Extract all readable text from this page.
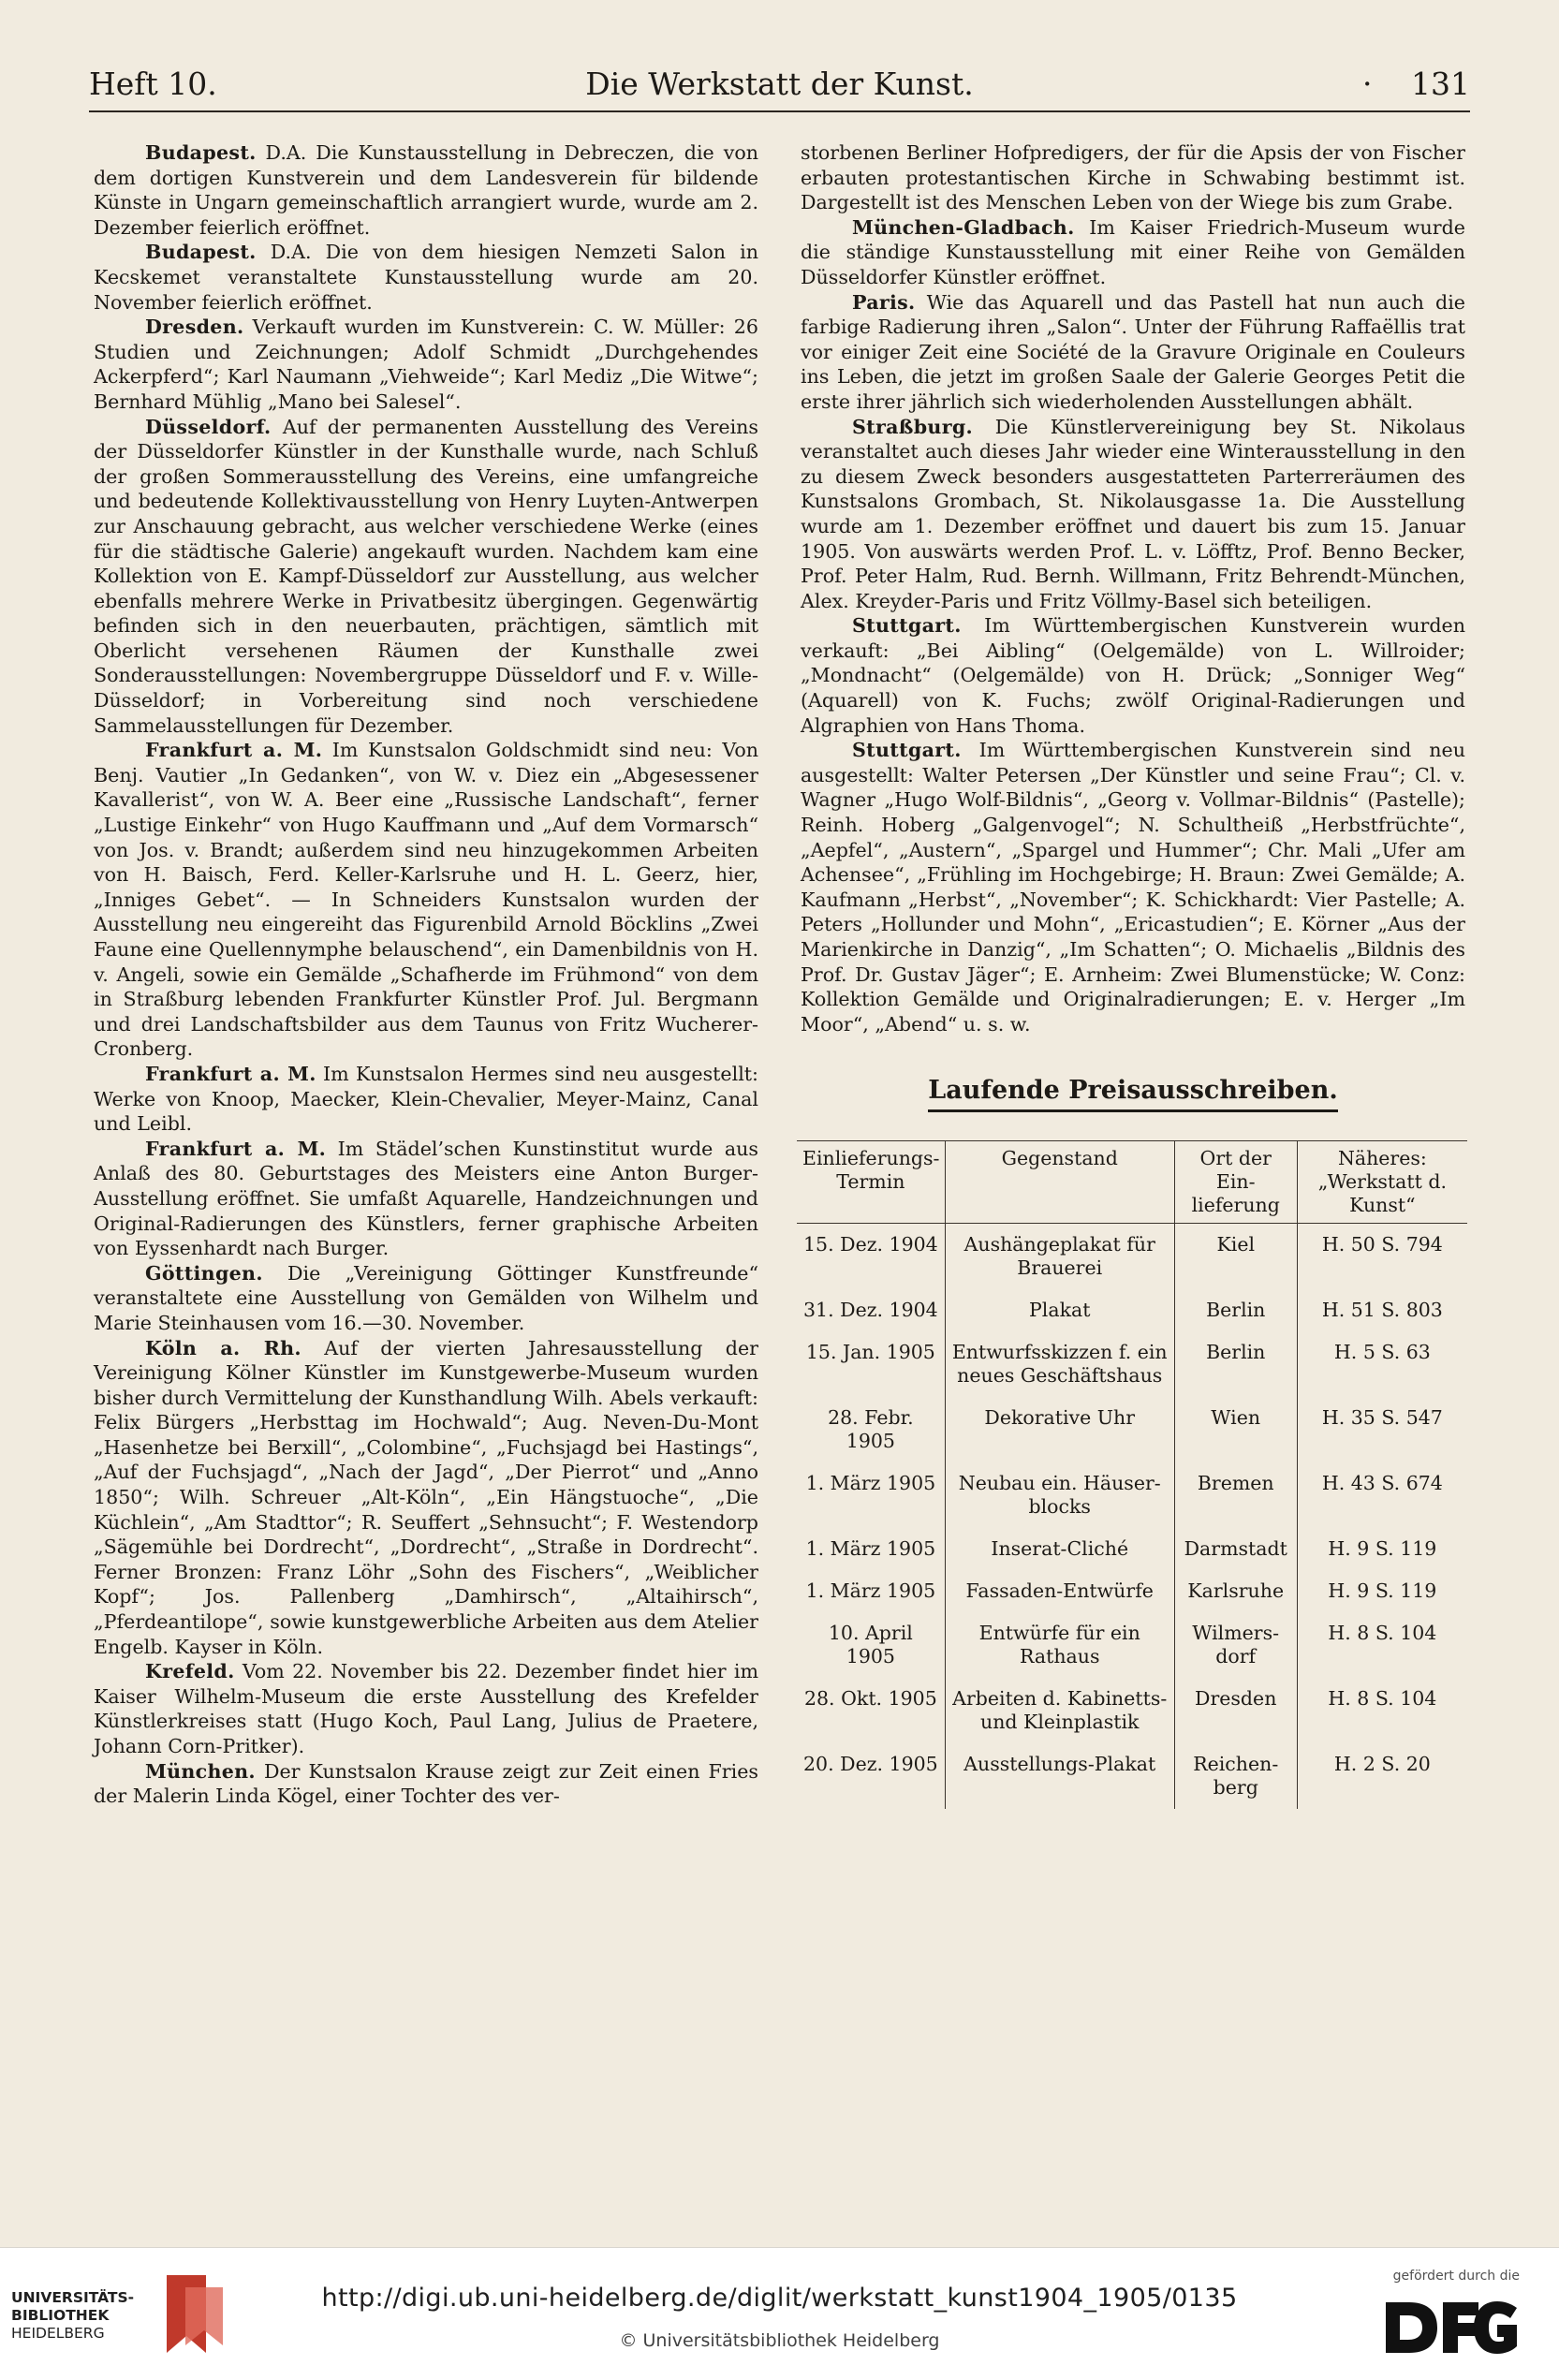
Heft 10.	Die Werkstatt der Kunst.	· 131

Budapest. D.A. Die Kunstausstellung in Debreczen, die von dem dortigen Kunstverein und dem Landesverein für bildende Künste in Ungarn gemeinschaftlich arrangiert wurde, wurde am 2. Dezember feierlich eröffnet.

Budapest. D.A. Die von dem hiesigen Nemzeti Salon in Kecskemet veranstaltete Kunstausstellung wurde am 20. November feierlich eröffnet.

Dresden. Verkauft wurden im Kunstverein: C. W. Müller: 26 Studien und Zeichnungen; Adolf Schmidt „Durchgehendes Ackerpferd“; Karl Naumann „Viehweide“; Karl Mediz „Die Witwe“; Bernhard Mühlig „Mano bei Salesel“.

Düsseldorf. Auf der permanenten Ausstellung des Vereins der Düsseldorfer Künstler in der Kunsthalle wurde, nach Schluß der großen Sommerausstellung des Vereins, eine umfangreiche und bedeutende Kollektivausstellung von Henry Luyten-Antwerpen zur Anschauung gebracht, aus welcher verschiedene Werke (eines für die städtische Galerie) angekauft wurden. Nachdem kam eine Kollektion von E. Kampf-Düsseldorf zur Ausstellung, aus welcher ebenfalls mehrere Werke in Privatbesitz übergingen. Gegenwärtig befinden sich in den neuerbauten, prächtigen, sämtlich mit Oberlicht versehenen Räumen der Kunsthalle zwei Sonderausstellungen: Novembergruppe Düsseldorf und F. v. Wille-Düsseldorf; in Vorbereitung sind noch verschiedene Sammelausstellungen für Dezember.

Frankfurt a. M. Im Kunstsalon Goldschmidt sind neu: Von Benj. Vautier „In Gedanken“, von W. v. Diez ein „Abgesessener Kavallerist“, von W. A. Beer eine „Russische Landschaft“, ferner „Lustige Einkehr“ von Hugo Kauffmann und „Auf dem Vormarsch“ von Jos. v. Brandt; außerdem sind neu hinzugekommen Arbeiten von H. Baisch, Ferd. Keller-Karlsruhe und H. L. Geerz, hier, „Inniges Gebet“. — In Schneiders Kunstsalon wurden der Ausstellung neu eingereiht das Figurenbild Arnold Böcklins „Zwei Faune eine Quellennymphe belauschend“, ein Damenbildnis von H. v. Angeli, sowie ein Gemälde „Schafherde im Frühmond“ von dem in Straßburg lebenden Frankfurter Künstler Prof. Jul. Bergmann und drei Landschaftsbilder aus dem Taunus von Fritz Wucherer-Cronberg.

Frankfurt a. M. Im Kunstsalon Hermes sind neu ausgestellt: Werke von Knoop, Maecker, Klein-Chevalier, Meyer-Mainz, Canal und Leibl.

Frankfurt a. M. Im Städel’schen Kunstinstitut wurde aus Anlaß des 80. Geburtstages des Meisters eine Anton Burger-Ausstellung eröffnet. Sie umfaßt Aquarelle, Handzeichnungen und Original-Radierungen des Künstlers, ferner graphische Arbeiten von Eyssenhardt nach Burger.

Göttingen. Die „Vereinigung Göttinger Kunstfreunde“ veranstaltete eine Ausstellung von Gemälden von Wilhelm und Marie Steinhausen vom 16.—30. November.

Köln a. Rh. Auf der vierten Jahresausstellung der Vereinigung Kölner Künstler im Kunstgewerbe-Museum wurden bisher durch Vermittelung der Kunsthandlung Wilh. Abels verkauft: Felix Bürgers „Herbsttag im Hochwald“; Aug. Neven-Du-Mont „Hasenhetze bei Berxill“, „Colombine“, „Fuchsjagd bei Hastings“, „Auf der Fuchsjagd“, „Nach der Jagd“, „Der Pierrot“ und „Anno 1850“; Wilh. Schreuer „Alt-Köln“, „Ein Hängstuoche“, „Die Küchlein“, „Am Stadttor“; R. Seuffert „Sehnsucht“; F. Westendorp „Sägemühle bei Dordrecht“, „Dordrecht“, „Straße in Dordrecht“. Ferner Bronzen: Franz Löhr „Sohn des Fischers“, „Weiblicher Kopf“; Jos. Pallenberg „Damhirsch“, „Altaihirsch“, „Pferdeantilope“, sowie kunstgewerbliche Arbeiten aus dem Atelier Engelb. Kayser in Köln.

Krefeld. Vom 22. November bis 22. Dezember findet hier im Kaiser Wilhelm-Museum die erste Ausstellung des Krefelder Künstlerkreises statt (Hugo Koch, Paul Lang, Julius de Praetere, Johann Corn-Pritker).

München. Der Kunstsalon Krause zeigt zur Zeit einen Fries der Malerin Linda Kögel, einer Tochter des ver-

storbenen Berliner Hofpredigers, der für die Apsis der von Fischer erbauten protestantischen Kirche in Schwabing bestimmt ist. Dargestellt ist des Menschen Leben von der Wiege bis zum Grabe.

München-Gladbach. Im Kaiser Friedrich-Museum wurde die ständige Kunstausstellung mit einer Reihe von Gemälden Düsseldorfer Künstler eröffnet.

Paris. Wie das Aquarell und das Pastell hat nun auch die farbige Radierung ihren „Salon“. Unter der Führung Raffaëllis trat vor einiger Zeit eine Société de la Gravure Originale en Couleurs ins Leben, die jetzt im großen Saale der Galerie Georges Petit die erste ihrer jährlich sich wiederholenden Ausstellungen abhält.

Straßburg. Die Künstlervereinigung bey St. Nikolaus veranstaltet auch dieses Jahr wieder eine Winterausstellung in den zu diesem Zweck besonders ausgestatteten Parterreräumen des Kunstsalons Grombach, St. Nikolausgasse 1a. Die Ausstellung wurde am 1. Dezember eröffnet und dauert bis zum 15. Januar 1905. Von auswärts werden Prof. L. v. Löfftz, Prof. Benno Becker, Prof. Peter Halm, Rud. Bernh. Willmann, Fritz Behrendt-München, Alex. Kreyder-Paris und Fritz Völlmy-Basel sich beteiligen.

Stuttgart. Im Württembergischen Kunstverein wurden verkauft: „Bei Aibling“ (Oelgemälde) von L. Willroider; „Mondnacht“ (Oelgemälde) von H. Drück; „Sonniger Weg“ (Aquarell) von K. Fuchs; zwölf Original-Radierungen und Algraphien von Hans Thoma.

Stuttgart. Im Württembergischen Kunstverein sind neu ausgestellt: Walter Petersen „Der Künstler und seine Frau“; Cl. v. Wagner „Hugo Wolf-Bildnis“, „Georg v. Vollmar-Bildnis“ (Pastelle); Reinh. Hoberg „Galgenvogel“; N. Schultheiß „Herbstfrüchte“, „Aepfel“, „Austern“, „Spargel und Hummer“; Chr. Mali „Ufer am Achensee“, „Frühling im Hochgebirge; H. Braun: Zwei Gemälde; A. Kaufmann „Herbst“, „November“; K. Schickhardt: Vier Pastelle; A. Peters „Hollunder und Mohn“, „Ericastudien“; E. Körner „Aus der Marienkirche in Danzig“, „Im Schatten“; O. Michaelis „Bildnis des Prof. Dr. Gustav Jäger“; E. Arnheim: Zwei Blumenstücke; W. Conz: Kollektion Gemälde und Originalradierungen; E. v. Herger „Im Moor“, „Abend“ u. s. w.

Laufende Preisausschreiben.
Einlieferungs-Termin	Gegenstand	Ort der Ein-lieferung	Näheres: „Werkstatt d. Kunst“
15. Dez. 1904	Aushängeplakat für Brauerei	Kiel	H. 50 S. 794
31. Dez. 1904	Plakat	Berlin	H. 51 S. 803
15. Jan. 1905	Entwurfsskizzen f. ein neues Geschäftshaus	Berlin	H. 5 S. 63
28. Febr. 1905	Dekorative Uhr	Wien	H. 35 S. 547
1. März 1905	Neubau ein. Häuser-blocks	Bremen	H. 43 S. 674
1. März 1905	Inserat-Cliché	Darmstadt	H. 9 S. 119
1. März 1905	Fassaden-Entwürfe	Karlsruhe	H. 9 S. 119
10. April 1905	Entwürfe für ein Rathaus	Wilmers-dorf	H. 8 S. 104
28. Okt. 1905	Arbeiten d. Kabinetts- und Kleinplastik	Dresden	H. 8 S. 104
20. Dez. 1905	Ausstellungs-Plakat	Reichen-berg	H. 2 S. 20
UNIVERSITÄTS-
BIBLIOTHEK
HEIDELBERG
http://digi.ub.uni-heidelberg.de/diglit/werkstatt_kunst1904_1905/0135
© Universitätsbibliothek Heidelberg
gefördert durch die
